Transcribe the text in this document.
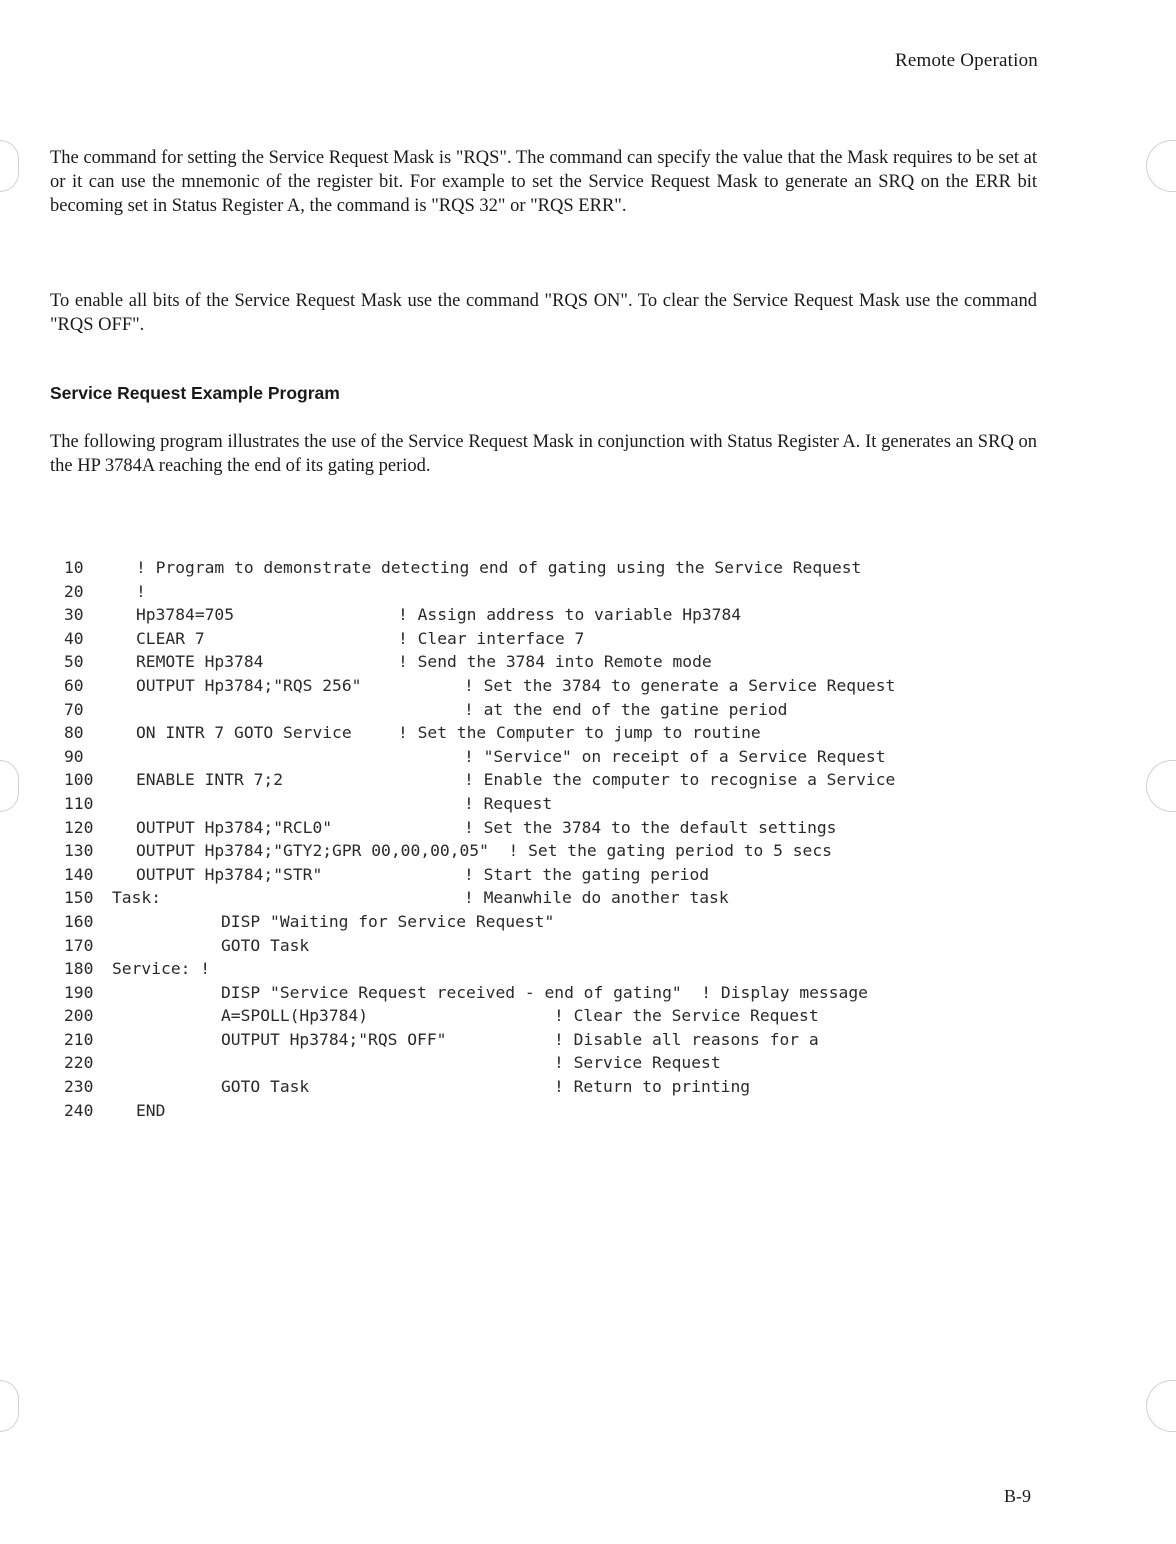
Remote Operation

The command for setting the Service Request Mask is "RQS". The command can specify the value that the Mask requires to be set at or it can use the mnemonic of the register bit. For example to set the Service Request Mask to generate an SRQ on the ERR bit becoming set in Status Register A, the command is "RQS 32" or "RQS ERR".

To enable all bits of the Service Request Mask use the command "RQS ON". To clear the Service Request Mask use the command "RQS OFF".

Service Request Example Program

The following program illustrates the use of the Service Request Mask in conjunction with Status Register A. It generates an SRQ on the HP 3784A reaching the end of its gating period.

10	! Program to demonstrate detecting end of gating using the Service Request
20	!
30	Hp3784=705	! Assign address to variable Hp3784
40	CLEAR 7	! Clear interface 7
50	REMOTE Hp3784	! Send the 3784 into Remote mode
60	OUTPUT Hp3784;"RQS 256"	! Set the 3784 to generate a Service Request
70	! at the end of the gatine period
80	ON INTR 7 GOTO Service	! Set the Computer to jump to routine
90	! "Service" on receipt of a Service Request
100	ENABLE INTR 7;2	! Enable the computer to recognise a Service
110	! Request
120	OUTPUT Hp3784;"RCL0"	! Set the 3784 to the default settings
130	OUTPUT Hp3784;"GTY2;GPR 00,00,00,05"  ! Set the gating period to 5 secs
140	OUTPUT Hp3784;"STR"	! Start the gating period
150 Task:	! Meanwhile do another task
160	DISP "Waiting for Service Request"
170	GOTO Task
180 Service: !
190	DISP "Service Request received - end of gating"  ! Display message
200	A=SPOLL(Hp3784)	! Clear the Service Request
210	OUTPUT Hp3784;"RQS OFF"	! Disable all reasons for a
220	! Service Request
230	GOTO Task	! Return to printing
240	END
B-9
